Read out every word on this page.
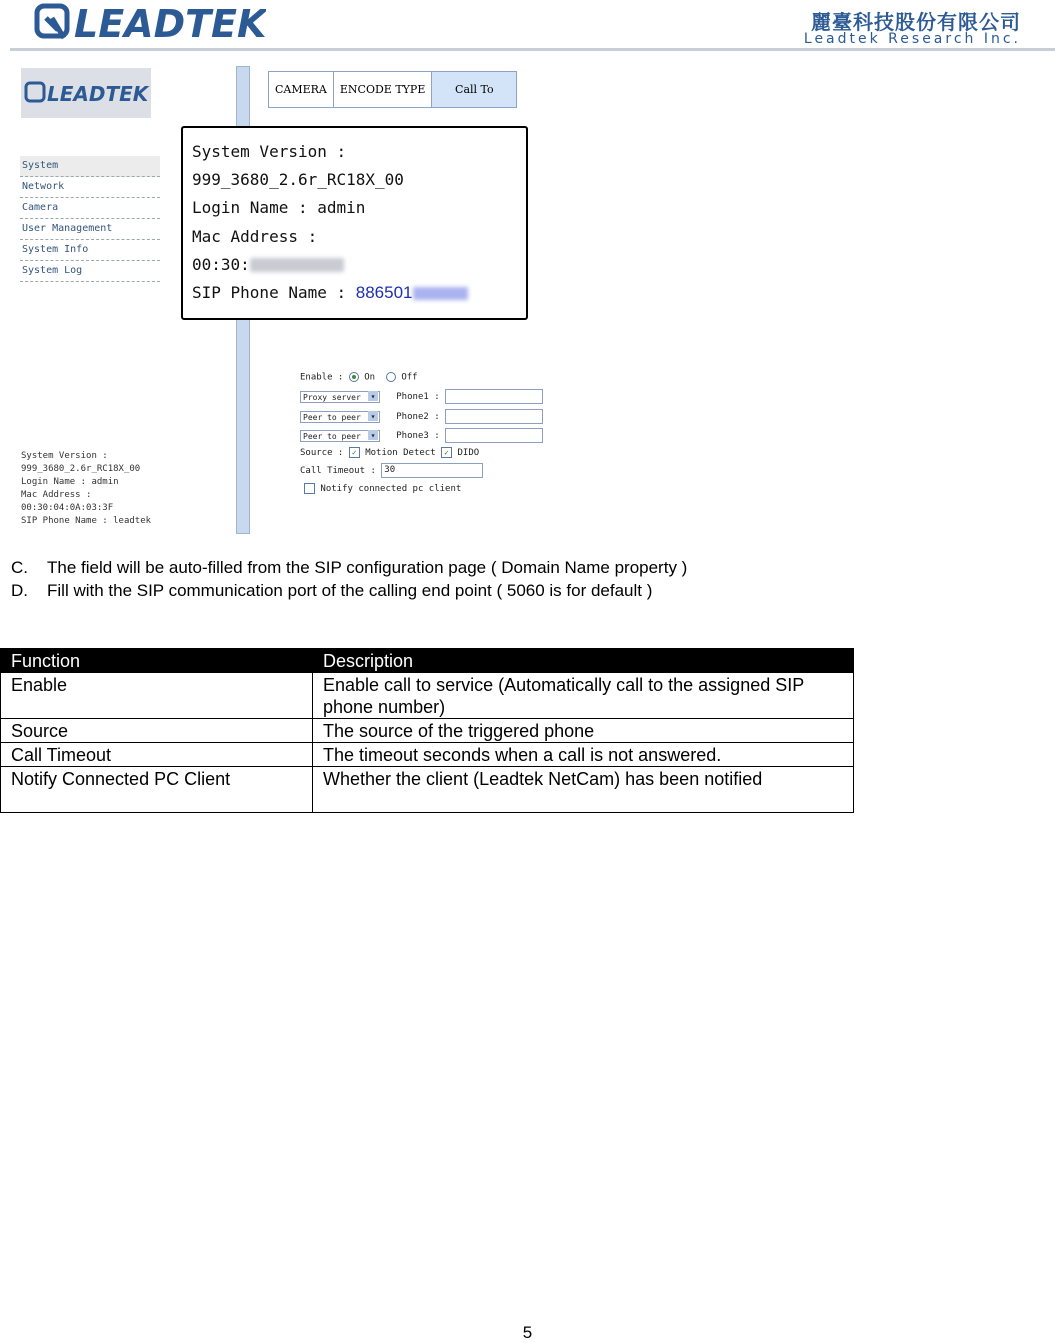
LEADTEK	麗臺科技股份有限公司
Leadtek Research Inc.
LEADTEK
System
Network
Camera
User Management
System Info
System Log
System Version :
999_3680_2.6r_RC18X_00
Login Name : admin
Mac Address :
00:30:04:0A:03:3F
SIP Phone Name : leadtek
CAMERA	ENCODE TYPE	Call To
System Version :
999_3680_2.6r_RC18X_00
Login Name : admin
Mac Address :
00:30:
SIP Phone Name : 886501
Enable : On	Off
Proxy server ▾	Phone1 :
Peer to peer ▾	Phone2 :
Peer to peer ▾	Phone3 :
Source : ✓ Motion Detect ✓ DIDO
Call Timeout : 30
Notify connected pc client
C. The field will be auto-filled from the SIP configuration page ( Domain Name property )
D. Fill with the SIP communication port of the calling end point ( 5060 is for default )
Function	Description
Enable	Enable call to service (Automatically call to the assigned SIP phone number)
Source	The source of the triggered phone
Call Timeout	The timeout seconds when a call is not answered.
Notify Connected PC Client	Whether the client (Leadtek NetCam) has been notified
5
